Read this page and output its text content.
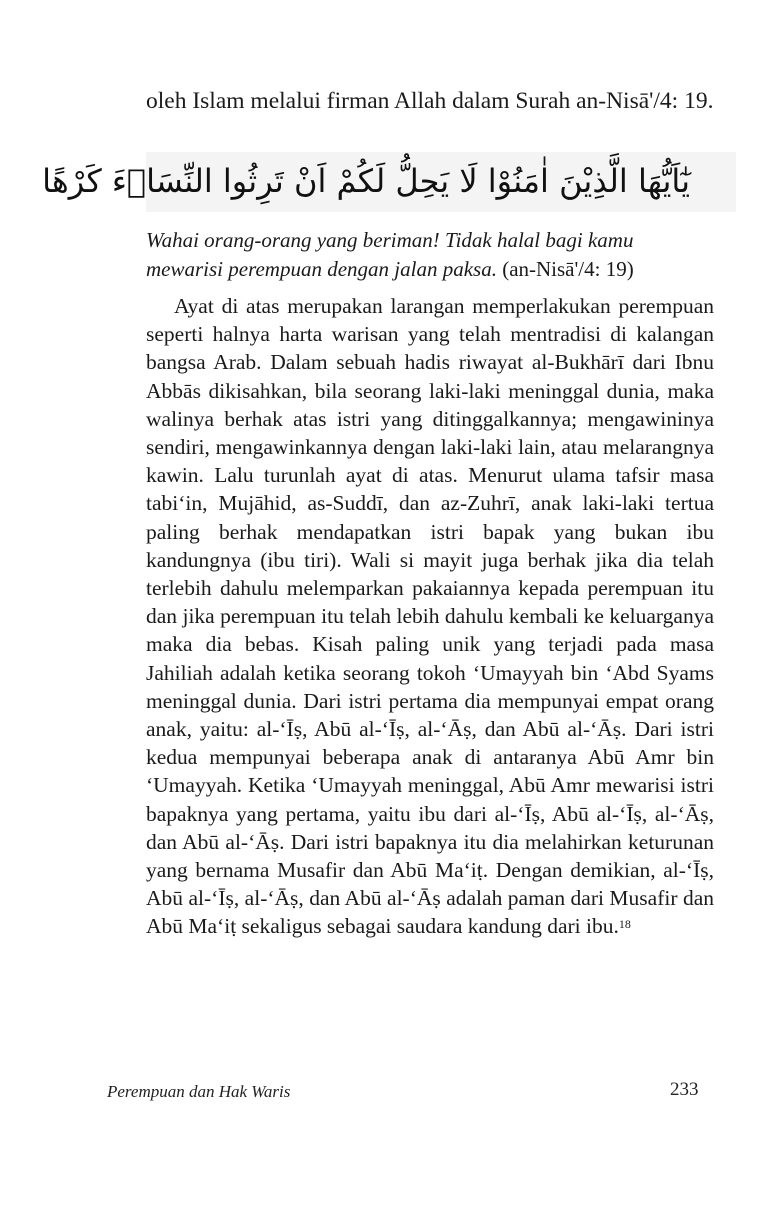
oleh Islam melalui firman Allah dalam Surah an-Nisā'/4: 19.

يٰٓاَيُّهَا الَّذِيْنَ اٰمَنُوْا لَا يَحِلُّ لَكُمْ اَنْ تَرِثُوا النِّسَاۤءَ كَرْهًا

Wahai orang-orang yang beriman! Tidak halal bagi kamu mewarisi perempuan dengan jalan paksa. (an-Nisā'/4: 19)

Ayat di atas merupakan larangan memperlakukan perempuan seperti halnya harta warisan yang telah mentradisi di kalangan bangsa Arab. Dalam sebuah hadis riwayat al-Bukhārī dari Ibnu Abbās dikisahkan, bila seorang laki-laki meninggal dunia, maka walinya berhak atas istri yang ditinggalkannya; mengawininya sendiri, mengawinkannya dengan laki-laki lain, atau melarangnya kawin. Lalu turunlah ayat di atas. Menurut ulama tafsir masa tabi‘in, Mujāhid, as-Suddī, dan az-Zuhrī, anak laki-laki tertua paling berhak mendapatkan istri bapak yang bukan ibu kandungnya (ibu tiri). Wali si mayit juga berhak jika dia telah terlebih dahulu melemparkan pakaiannya kepada perempuan itu dan jika perempuan itu telah lebih dahulu kembali ke keluarganya maka dia bebas. Kisah paling unik yang terjadi pada masa Jahiliah adalah ketika seorang tokoh ‘Umayyah bin ‘Abd Syams meninggal dunia. Dari istri pertama dia mempunyai empat orang anak, yaitu: al-‘Īṣ, Abū al-‘Īṣ, al-‘Āṣ, dan Abū al-‘Āṣ. Dari istri kedua mempunyai beberapa anak di antaranya Abū Amr bin ‘Umayyah. Ketika ‘Umayyah meninggal, Abū Amr mewarisi istri bapaknya yang pertama, yaitu ibu dari al-‘Īṣ, Abū al-‘Īṣ, al-‘Āṣ, dan Abū al-‘Āṣ. Dari istri bapaknya itu dia melahirkan keturunan yang bernama Musafir dan Abū Ma‘iṭ. Dengan demikian, al-‘Īṣ, Abū al-‘Īṣ, al-‘Āṣ, dan Abū al-‘Āṣ adalah paman dari Musafir dan Abū Ma‘iṭ sekaligus sebagai saudara kandung dari ibu.$^{18}$

Perempuan dan Hak Waris	233
